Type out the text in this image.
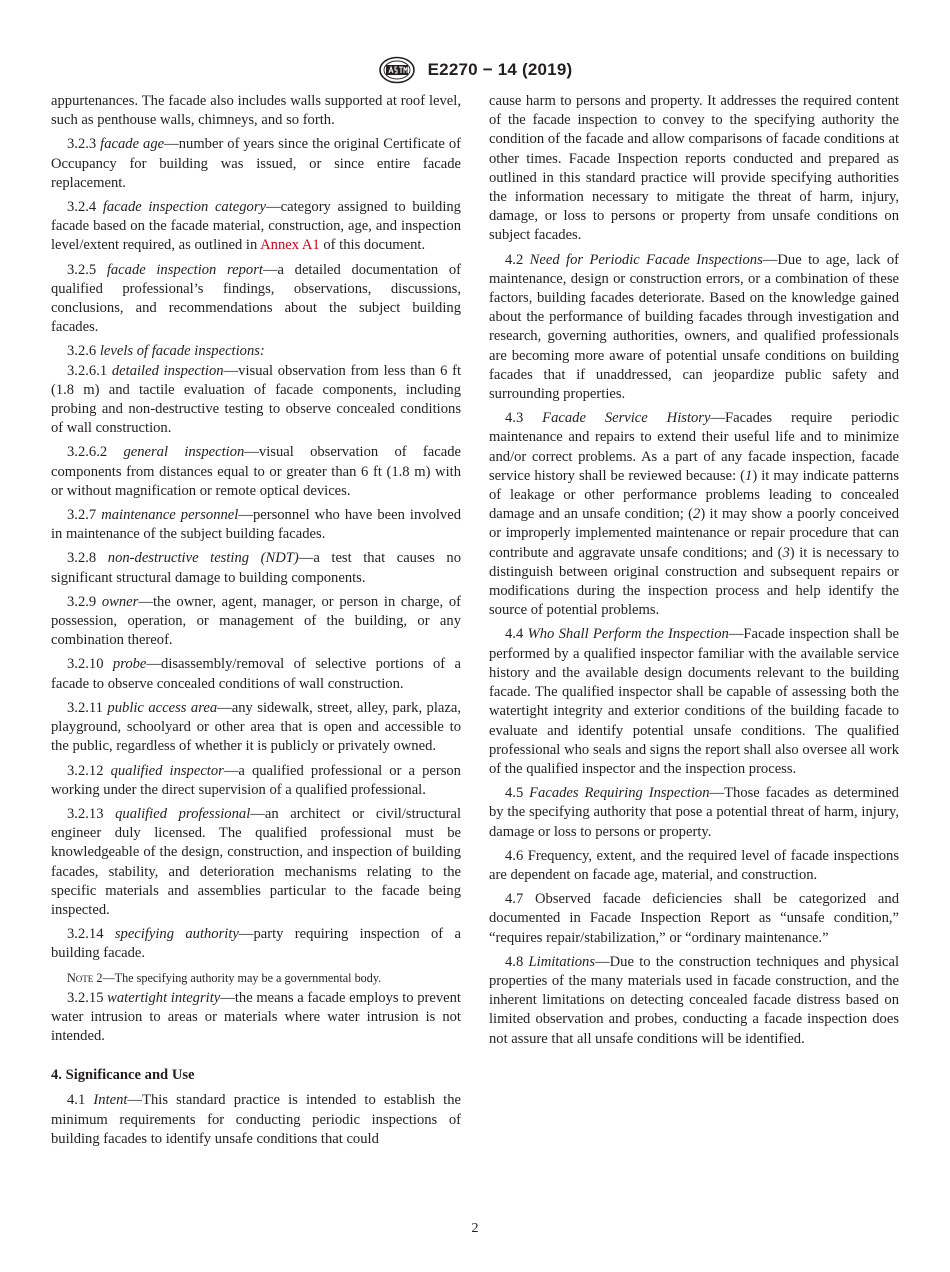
E2270 − 14 (2019)

appurtenances. The facade also includes walls supported at roof level, such as penthouse walls, chimneys, and so forth.

3.2.3 facade age—number of years since the original Certificate of Occupancy for building was issued, or since entire facade replacement.

3.2.4 facade inspection category—category assigned to building facade based on the facade material, construction, age, and inspection level/extent required, as outlined in Annex A1 of this document.

3.2.5 facade inspection report—a detailed documentation of qualified professional’s findings, observations, discussions, conclusions, and recommendations about the subject building facades.

3.2.6 levels of facade inspections:

3.2.6.1 detailed inspection—visual observation from less than 6 ft (1.8 m) and tactile evaluation of facade components, including probing and non-destructive testing to observe concealed conditions of wall construction.

3.2.6.2 general inspection—visual observation of facade components from distances equal to or greater than 6 ft (1.8 m) with or without magnification or remote optical devices.

3.2.7 maintenance personnel—personnel who have been involved in maintenance of the subject building facades.

3.2.8 non-destructive testing (NDT)—a test that causes no significant structural damage to building components.

3.2.9 owner—the owner, agent, manager, or person in charge, of possession, operation, or management of the building, or any combination thereof.

3.2.10 probe—disassembly/removal of selective portions of a facade to observe concealed conditions of wall construction.

3.2.11 public access area—any sidewalk, street, alley, park, plaza, playground, schoolyard or other area that is open and accessible to the public, regardless of whether it is publicly or privately owned.

3.2.12 qualified inspector—a qualified professional or a person working under the direct supervision of a qualified professional.

3.2.13 qualified professional—an architect or civil/structural engineer duly licensed. The qualified professional must be knowledgeable of the design, construction, and inspection of building facades, stability, and deterioration mechanisms relating to the specific materials and assemblies particular to the facade being inspected.

3.2.14 specifying authority—party requiring inspection of a building facade.

Note 2—The specifying authority may be a governmental body.

3.2.15 watertight integrity—the means a facade employs to prevent water intrusion to areas or materials where water intrusion is not intended.

4. Significance and Use

4.1 Intent—This standard practice is intended to establish the minimum requirements for conducting periodic inspections of building facades to identify unsafe conditions that could

cause harm to persons and property. It addresses the required content of the facade inspection to convey to the specifying authority the condition of the facade and allow comparisons of facade conditions at other times. Facade Inspection reports conducted and prepared as outlined in this standard practice will provide specifying authorities the information necessary to mitigate the threat of harm, injury, damage, or loss to persons or property from unsafe conditions on subject facades.

4.2 Need for Periodic Facade Inspections—Due to age, lack of maintenance, design or construction errors, or a combination of these factors, building facades deteriorate. Based on the knowledge gained about the performance of building facades through investigation and research, governing authorities, owners, and qualified professionals are becoming more aware of potential unsafe conditions on building facades that if unaddressed, can jeopardize public safety and surrounding properties.

4.3 Facade Service History—Facades require periodic maintenance and repairs to extend their useful life and to minimize and/or correct problems. As a part of any facade inspection, facade service history shall be reviewed because: (1) it may indicate patterns of leakage or other performance problems leading to concealed damage and an unsafe condition; (2) it may show a poorly conceived or improperly implemented maintenance or repair procedure that can contribute and aggravate unsafe conditions; and (3) it is necessary to distinguish between original construction and subsequent repairs or modifications during the inspection process and help identify the source of potential problems.

4.4 Who Shall Perform the Inspection—Facade inspection shall be performed by a qualified inspector familiar with the available service history and the available design documents relevant to the building facade. The qualified inspector shall be capable of assessing both the watertight integrity and exterior conditions of the building facade to evaluate and identify potential unsafe conditions. The qualified professional who seals and signs the report shall also oversee all work of the qualified inspector and the inspection process.

4.5 Facades Requiring Inspection—Those facades as determined by the specifying authority that pose a potential threat of harm, injury, damage or loss to persons or property.

4.6 Frequency, extent, and the required level of facade inspections are dependent on facade age, material, and construction.

4.7 Observed facade deficiencies shall be categorized and documented in Facade Inspection Report as “unsafe condition,” “requires repair/stabilization,” or “ordinary maintenance.”

4.8 Limitations—Due to the construction techniques and physical properties of the many materials used in facade construction, and the inherent limitations on detecting concealed facade distress based on limited observation and probes, conducting a facade inspection does not assure that all unsafe conditions will be identified.

2
